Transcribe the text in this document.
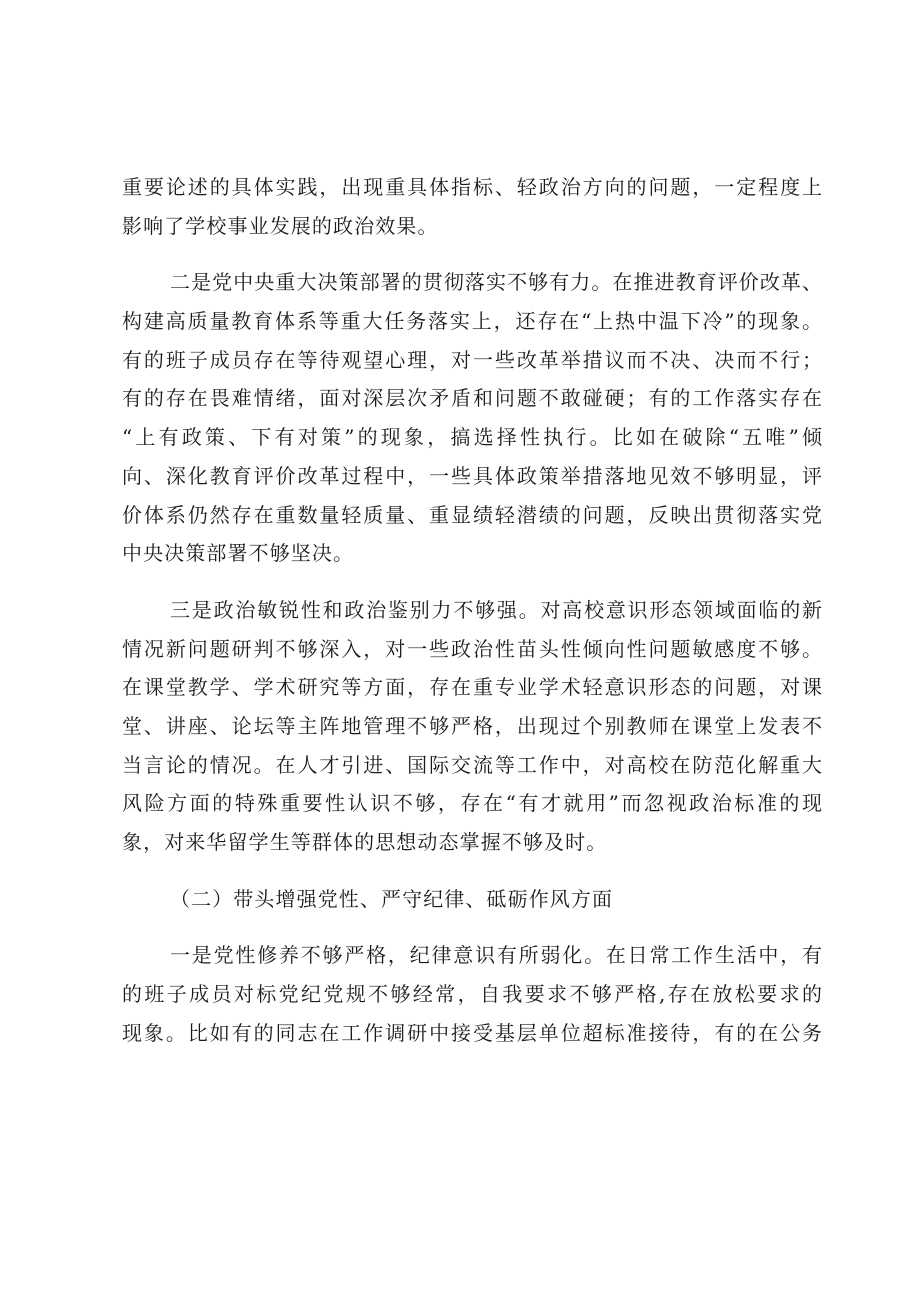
重要论述的具体实践，出现重具体指标、轻政治方向的问题，一定程度上
影响了学校事业发展的政治效果。
二是党中央重大决策部署的贯彻落实不够有力。在推进教育评价改革、
构建高质量教育体系等重大任务落实上，还存在“上热中温下冷”的现象。
有的班子成员存在等待观望心理，对一些改革举措议而不决、决而不行；
有的存在畏难情绪，面对深层次矛盾和问题不敢碰硬；有的工作落实存在
“上有政策、下有对策”的现象，搞选择性执行。比如在破除“五唯”倾
向、深化教育评价改革过程中，一些具体政策举措落地见效不够明显，评
价体系仍然存在重数量轻质量、重显绩轻潜绩的问题，反映出贯彻落实党
中央决策部署不够坚决。
三是政治敏锐性和政治鉴别力不够强。对高校意识形态领域面临的新
情况新问题研判不够深入，对一些政治性苗头性倾向性问题敏感度不够。
在课堂教学、学术研究等方面，存在重专业学术轻意识形态的问题，对课
堂、讲座、论坛等主阵地管理不够严格，出现过个别教师在课堂上发表不
当言论的情况。在人才引进、国际交流等工作中，对高校在防范化解重大
风险方面的特殊重要性认识不够，存在“有才就用”而忽视政治标准的现
象，对来华留学生等群体的思想动态掌握不够及时。
（二）带头增强党性、严守纪律、砥砺作风方面
一是党性修养不够严格，纪律意识有所弱化。在日常工作生活中，有
的班子成员对标党纪党规不够经常，自我要求不够严格,存在放松要求的
现象。比如有的同志在工作调研中接受基层单位超标准接待，有的在公务
